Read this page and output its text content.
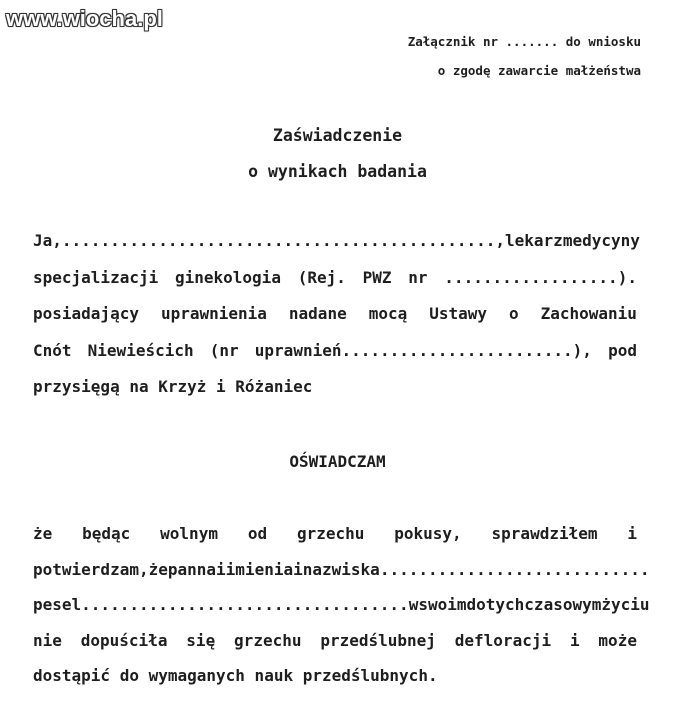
www.wiocha.pl
Załącznik nr ....... do wniosku
o zgodę zawarcie małżeństwa
Zaświadczenie
o wynikach badania
Ja, ............................................., lekarz medycyny
specjalizacji ginekologia (Rej. PWZ nr ..................).
posiadający uprawnienia nadane mocą Ustawy o Zachowaniu
Cnót Niewieścich (nr uprawnień........................), pod
przysięgą na Krzyż i Różaniec
OŚWIADCZAM
że będąc wolnym od grzechu pokusy, sprawdziłem i
potwierdzam, że panna i imienia i nazwiska ............................
pesel.................................. w swoim dotychczasowym życiu
nie dopuściła się grzechu przedślubnej defloracji i może
dostąpić do wymaganych nauk przedślubnych.
